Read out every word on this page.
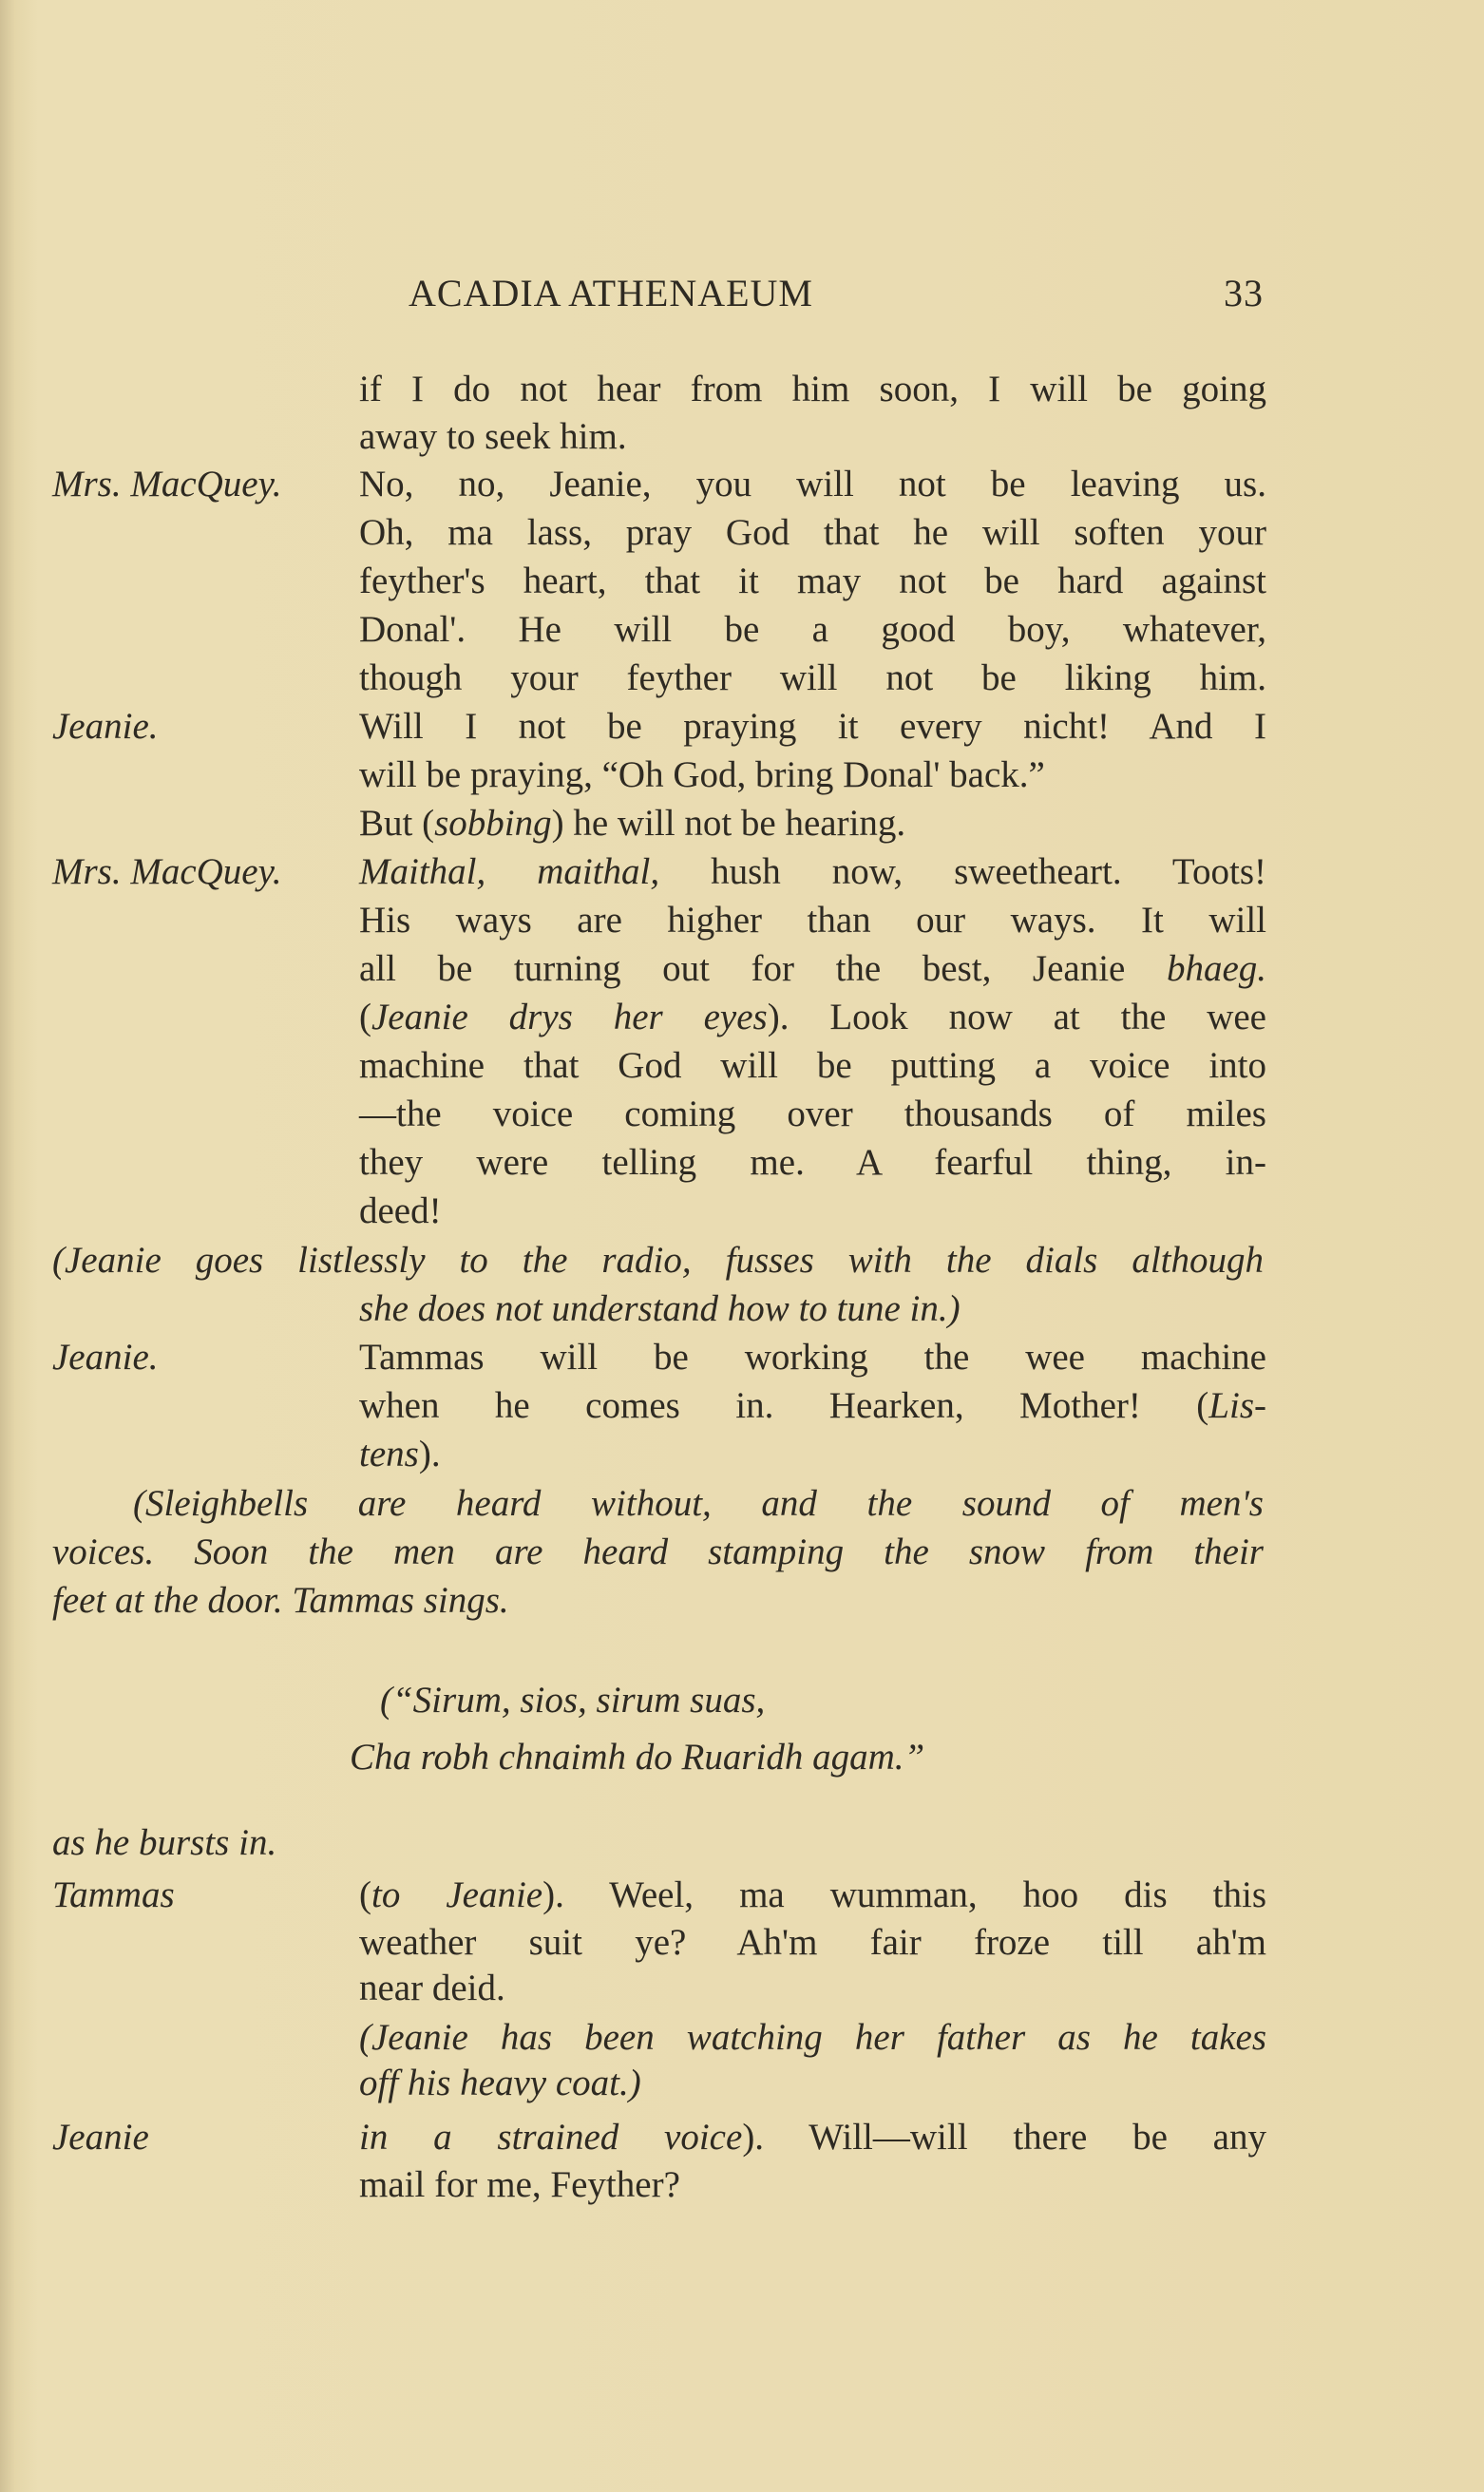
ACADIA ATHENAEUM	33
if I do not hear from him soon, I will be going
away to seek him.
Mrs. MacQuey. No, no, Jeanie, you will not be leaving us.
Oh, ma lass, pray God that he will soften your
feyther's heart, that it may not be hard against
Donal'. He will be a good boy, whatever,
though your feyther will not be liking him.
Jeanie.	Will I not be praying it every nicht! And I
will be praying, “Oh God, bring Donal' back.”
But (sobbing) he will not be hearing.
Mrs. MacQuey. Maithal, maithal, hush now, sweetheart. Toots!
His ways are higher than our ways. It will
all be turning out for the best, Jeanie bhaeg.
(Jeanie drys her eyes). Look now at the wee
machine that God will be putting a voice into
—the voice coming over thousands of miles
they were telling me. A fearful thing, in-
deed!
(Jeanie goes listlessly to the radio, fusses with the dials although
she does not understand how to tune in.)
Jeanie.	Tammas will be working the wee machine
when he comes in. Hearken, Mother! (Lis-
tens).
(Sleighbells are heard without, and the sound of men's
voices. Soon the men are heard stamping the snow from their
feet at the door. Tammas sings.
(“Sirum, sios, sirum suas,
Cha robh chnaimh do Ruaridh agam.”
as he bursts in.
Tammas	(to Jeanie). Weel, ma wumman, hoo dis this
weather suit ye? Ah'm fair froze till ah'm
near deid.
(Jeanie has been watching her father as he takes
off his heavy coat.)
Jeanie	in a strained voice). Will—will there be any
mail for me, Feyther?
